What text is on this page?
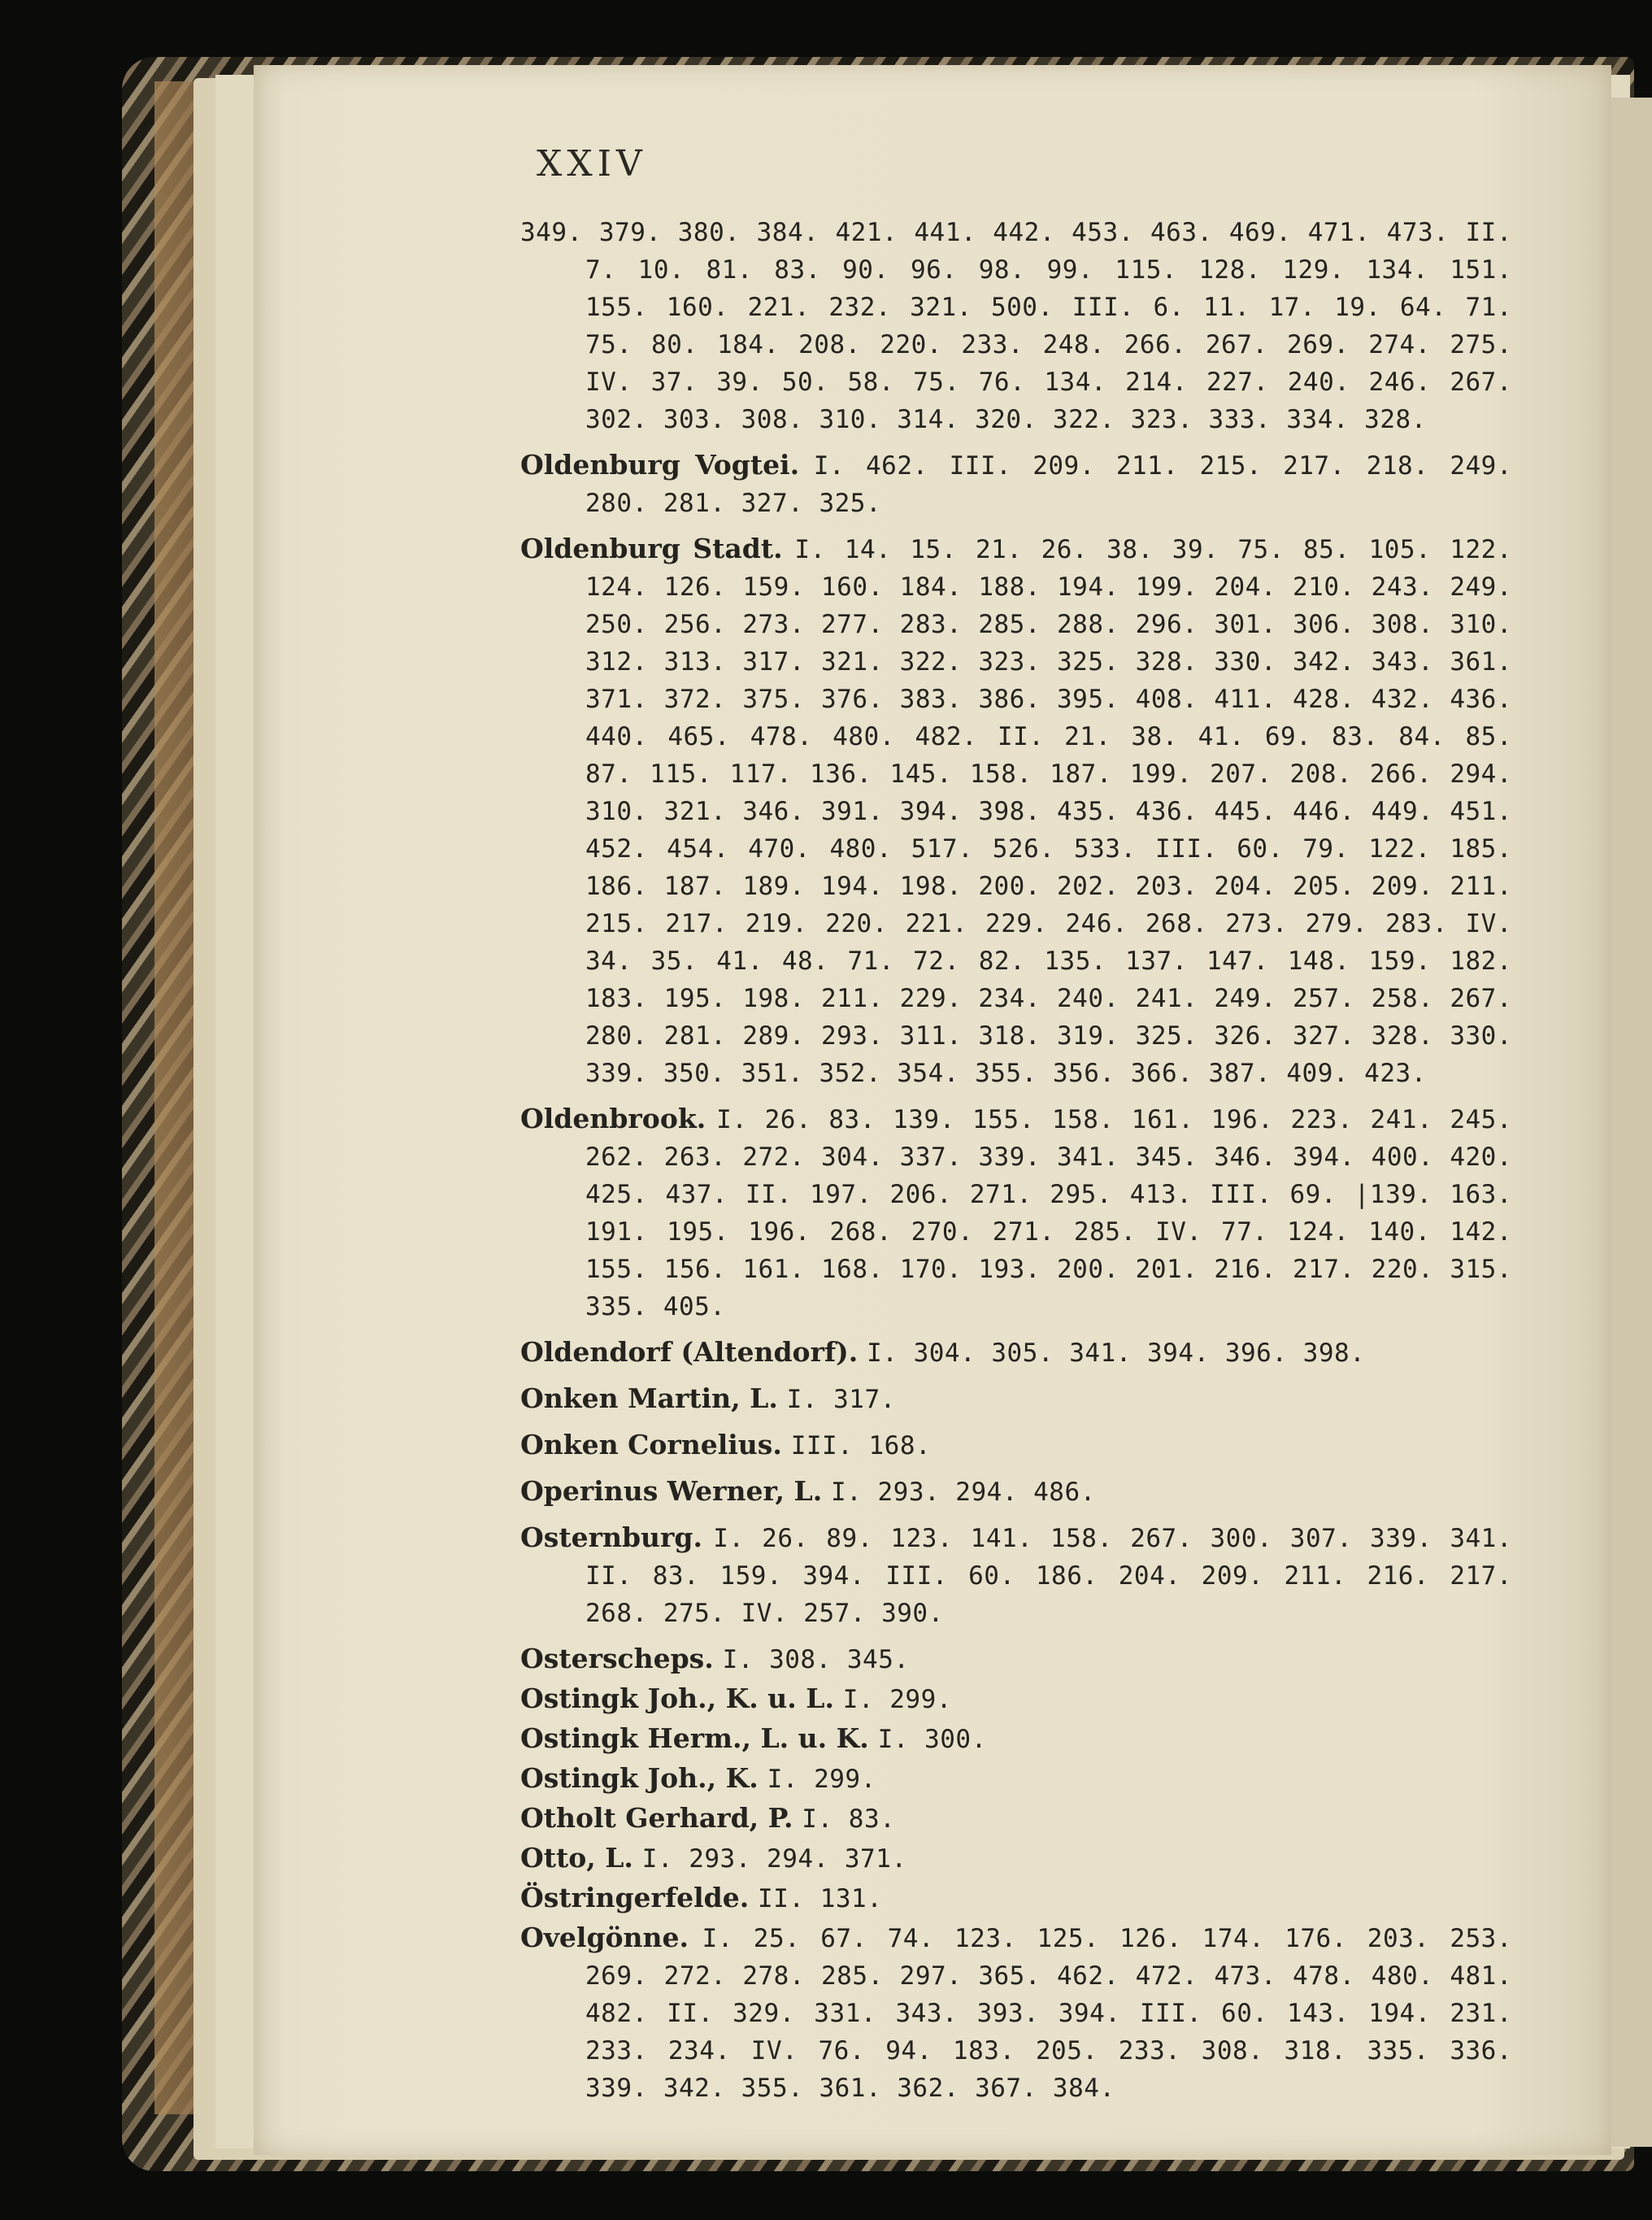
XXIV
349. 379. 380. 384. 421. 441. 442. 453. 463. 469. 471. 473. II. 7. 10. 81. 83. 90. 96. 98. 99. 115. 128. 129. 134. 151. 155. 160. 221. 232. 321. 500. III. 6. 11. 17. 19. 64. 71. 75. 80. 184. 208. 220. 233. 248. 266. 267. 269. 274. 275. IV. 37. 39. 50. 58. 75. 76. 134. 214. 227. 240. 246. 267. 302. 303. 308. 310. 314. 320. 322. 323. 333. 334. 328.
Oldenburg Vogtei. I. 462. III. 209. 211. 215. 217. 218. 249. 280. 281. 327. 325.
Oldenburg Stadt. I. 14. 15. 21. 26. 38. 39. 75. 85. 105. 122. 124. 126. 159. 160. 184. 188. 194. 199. 204. 210. 243. 249. 250. 256. 273. 277. 283. 285. 288. 296. 301. 306. 308. 310. 312. 313. 317. 321. 322. 323. 325. 328. 330. 342. 343. 361. 371. 372. 375. 376. 383. 386. 395. 408. 411. 428. 432. 436. 440. 465. 478. 480. 482. II. 21. 38. 41. 69. 83. 84. 85. 87. 115. 117. 136. 145. 158. 187. 199. 207. 208. 266. 294. 310. 321. 346. 391. 394. 398. 435. 436. 445. 446. 449. 451. 452. 454. 470. 480. 517. 526. 533. III. 60. 79. 122. 185. 186. 187. 189. 194. 198. 200. 202. 203. 204. 205. 209. 211. 215. 217. 219. 220. 221. 229. 246. 268. 273. 279. 283. IV. 34. 35. 41. 48. 71. 72. 82. 135. 137. 147. 148. 159. 182. 183. 195. 198. 211. 229. 234. 240. 241. 249. 257. 258. 267. 280. 281. 289. 293. 311. 318. 319. 325. 326. 327. 328. 330. 339. 350. 351. 352. 354. 355. 356. 366. 387. 409. 423.
Oldenbrook. I. 26. 83. 139. 155. 158. 161. 196. 223. 241. 245. 262. 263. 272. 304. 337. 339. 341. 345. 346. 394. 400. 420. 425. 437. II. 197. 206. 271. 295. 413. III. 69. |139. 163. 191. 195. 196. 268. 270. 271. 285. IV. 77. 124. 140. 142. 155. 156. 161. 168. 170. 193. 200. 201. 216. 217. 220. 315. 335. 405.
Oldendorf (Altendorf). I. 304. 305. 341. 394. 396. 398.
Onken Martin, L. I. 317.
Onken Cornelius. III. 168.
Operinus Werner, L. I. 293. 294. 486.
Osternburg. I. 26. 89. 123. 141. 158. 267. 300. 307. 339. 341. II. 83. 159. 394. III. 60. 186. 204. 209. 211. 216. 217. 268. 275. IV. 257. 390.
Osterscheps. I. 308. 345.
Ostingk Joh., K. u. L. I. 299.
Ostingk Herm., L. u. K. I. 300.
Ostingk Joh., K. I. 299.
Otholt Gerhard, P. I. 83.
Otto, L. I. 293. 294. 371.
Östringerfelde. II. 131.
Ovelgönne. I. 25. 67. 74. 123. 125. 126. 174. 176. 203. 253. 269. 272. 278. 285. 297. 365. 462. 472. 473. 478. 480. 481. 482. II. 329. 331. 343. 393. 394. III. 60. 143. 194. 231. 233. 234. IV. 76. 94. 183. 205. 233. 308. 318. 335. 336. 339. 342. 355. 361. 362. 367. 384.
